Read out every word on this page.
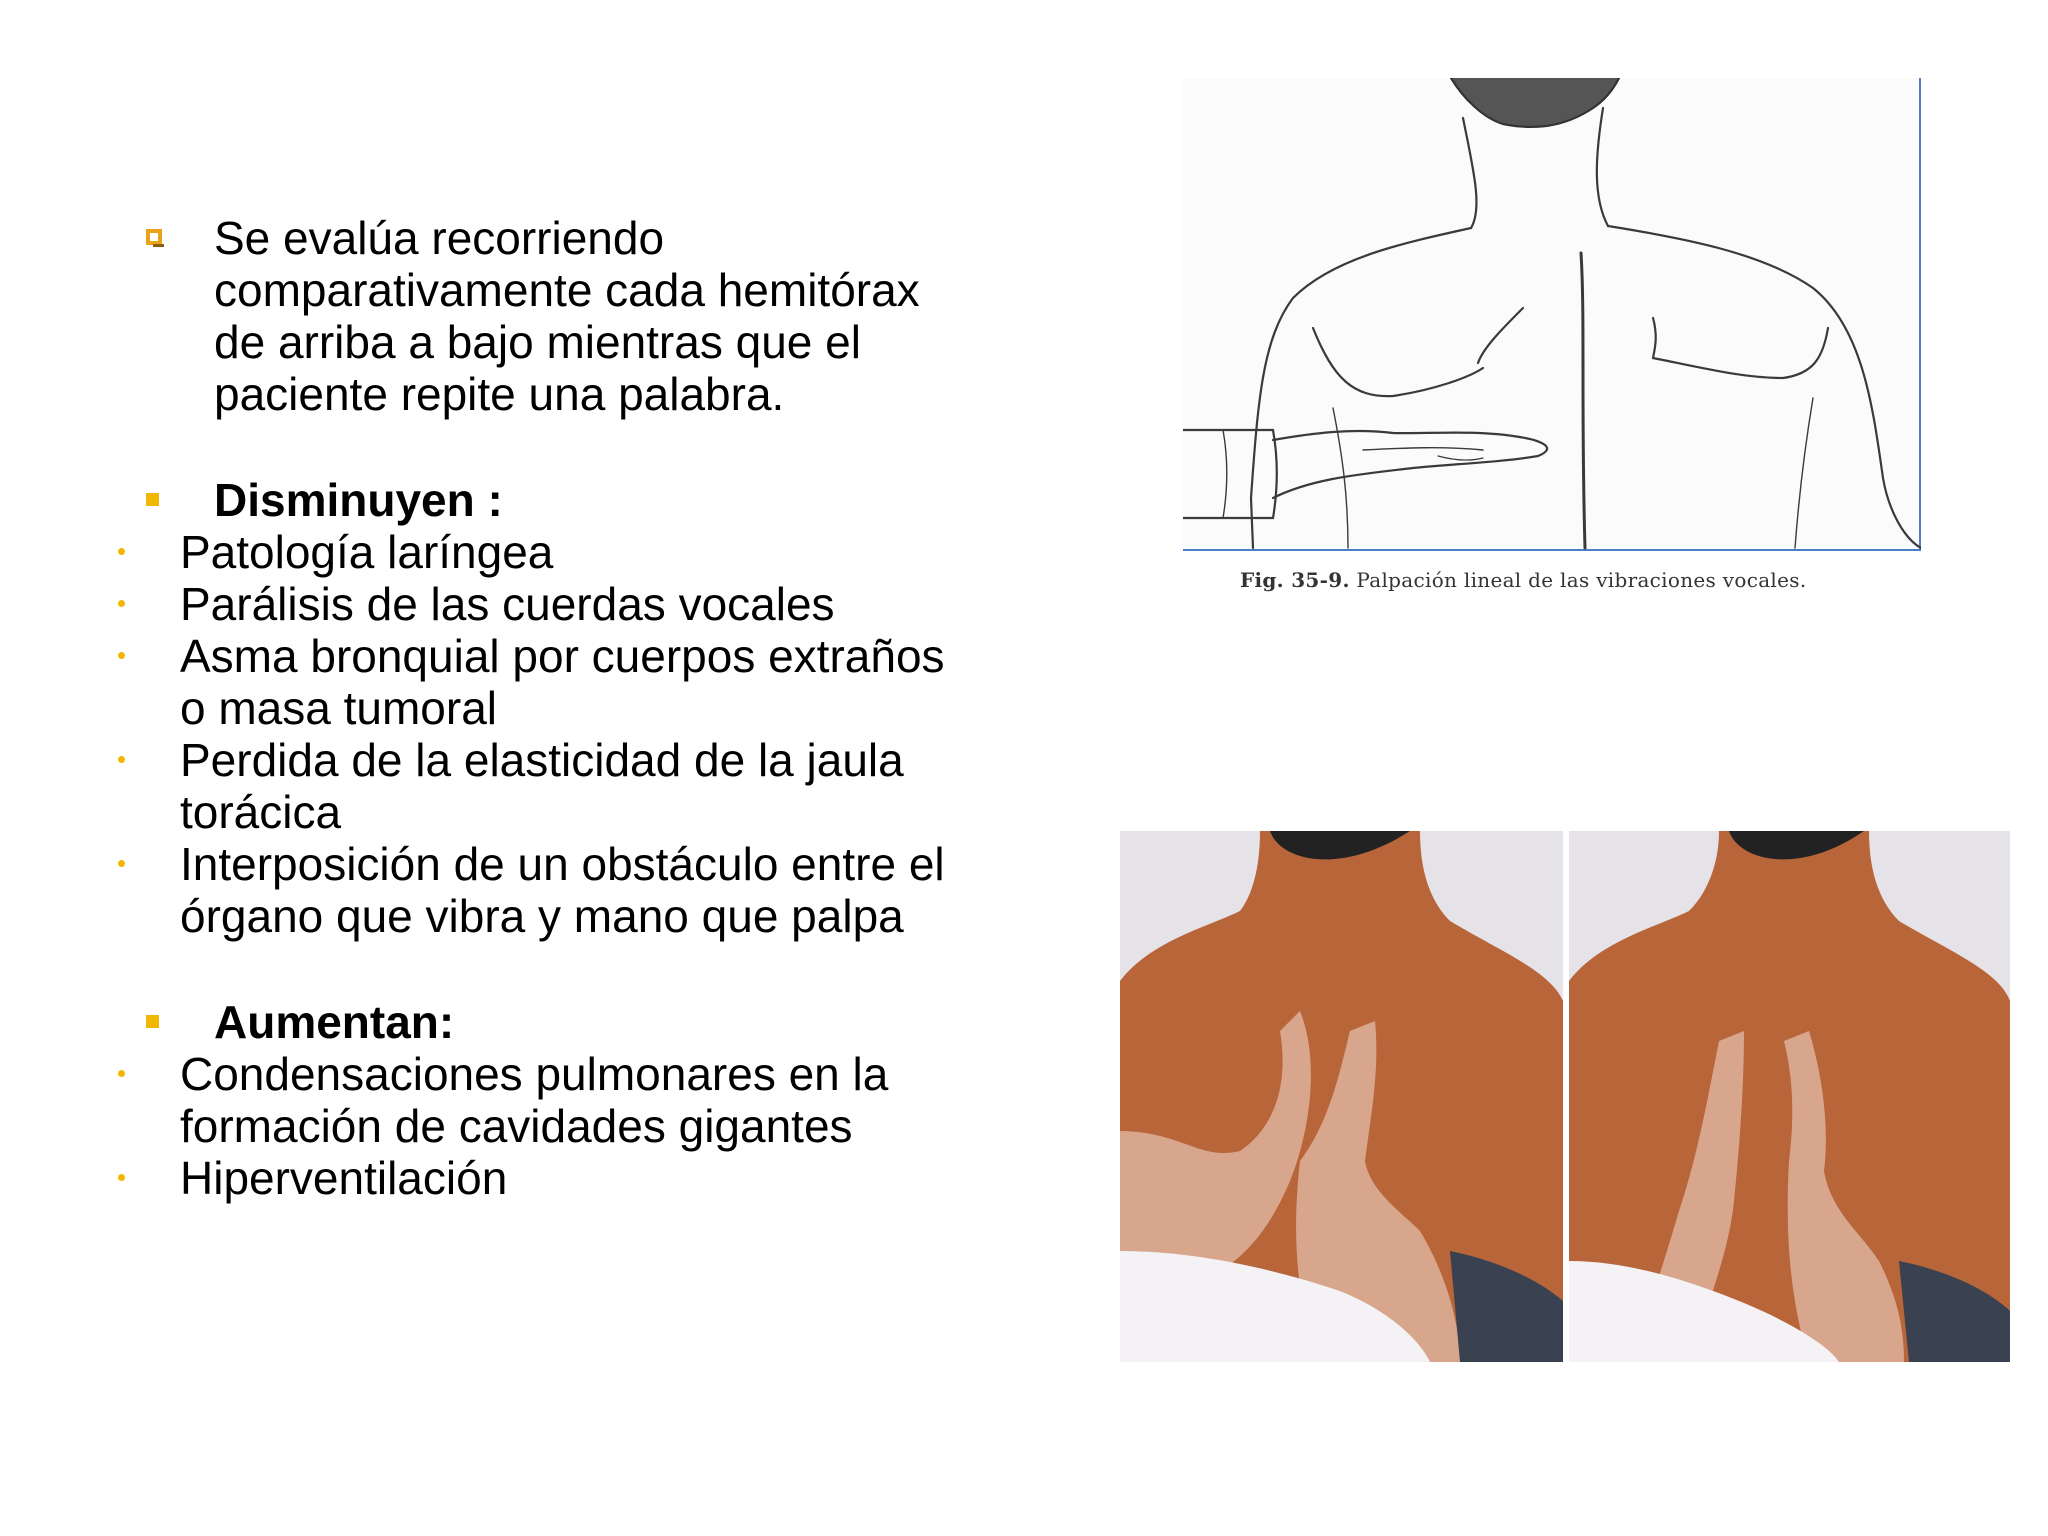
Se evalúa recorriendo
comparativamente cada hemitórax
de arriba a bajo mientras que el
paciente repite una palabra.
Disminuyen :
Patología laríngea
Parálisis de las cuerdas vocales
Asma bronquial por cuerpos extraños
o masa tumoral
Perdida de la elasticidad de la jaula
torácica
Interposición de un obstáculo entre el
órgano que vibra y mano que palpa
Aumentan:
Condensaciones pulmonares en la
formación de cavidades gigantes
Hiperventilación
Fig. 35-9. Palpación lineal de las vibraciones vocales.
